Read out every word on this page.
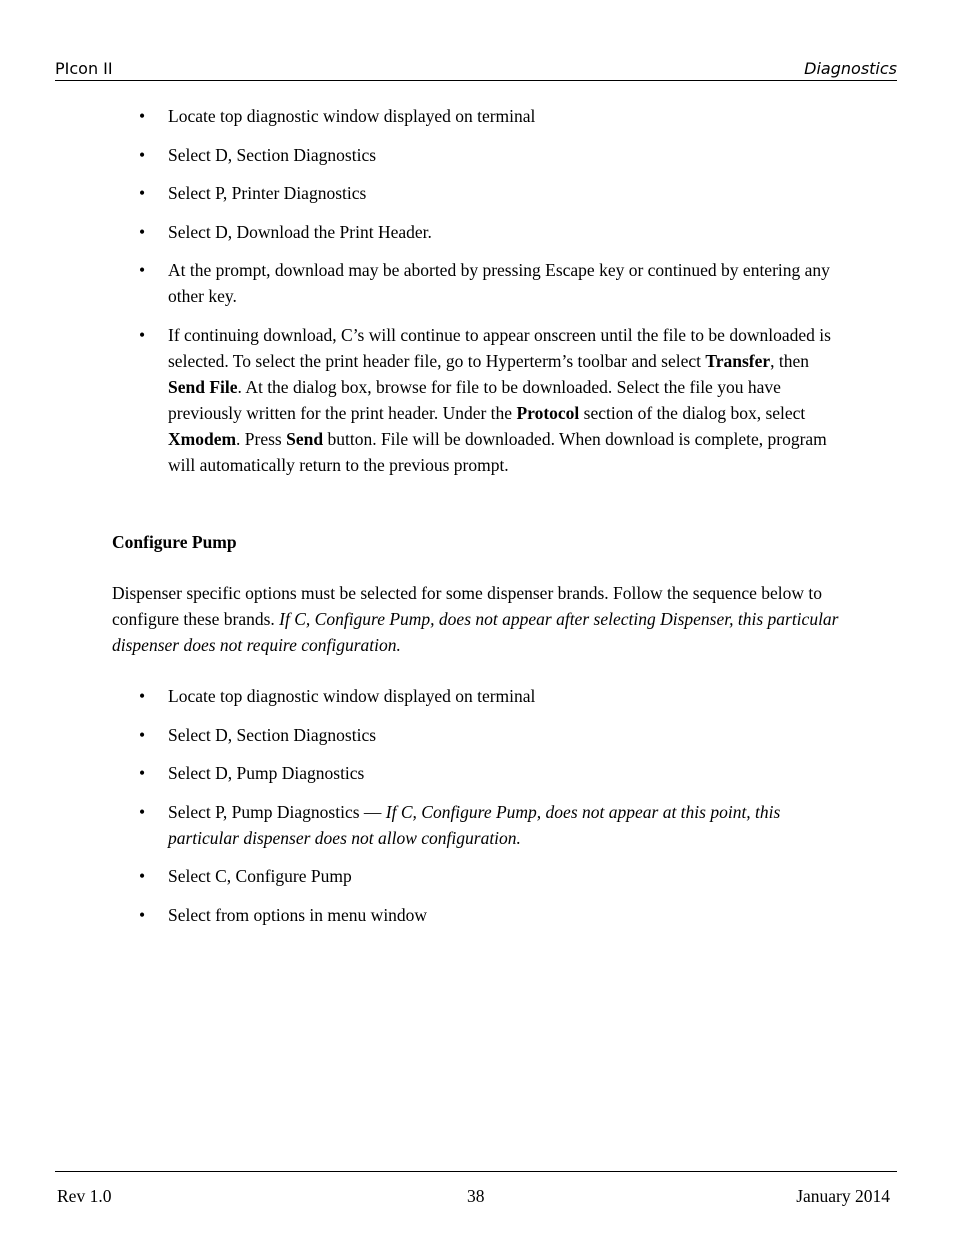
PIcon II	Diagnostics
• Locate top diagnostic window displayed on terminal
• Select D, Section Diagnostics
• Select P, Printer Diagnostics
• Select D, Download the Print Header.
• At the prompt, download may be aborted by pressing Escape key or continued by entering any other key.
• If continuing download, C’s will continue to appear onscreen until the file to be downloaded is selected. To select the print header file, go to Hyperterm’s toolbar and select Transfer, then Send File. At the dialog box, browse for file to be downloaded. Select the file you have previously written for the print header. Under the Protocol section of the dialog box, select Xmodem. Press Send button. File will be downloaded. When download is complete, program will automatically return to the previous prompt.
Configure Pump
Dispenser specific options must be selected for some dispenser brands. Follow the sequence below to configure these brands. If C, Configure Pump, does not appear after selecting Dispenser, this particular dispenser does not require configuration.
• Locate top diagnostic window displayed on terminal
• Select D, Section Diagnostics
• Select D, Pump Diagnostics
• Select P, Pump Diagnostics — If C, Configure Pump, does not appear at this point, this particular dispenser does not allow configuration.
• Select C, Configure Pump
• Select from options in menu window
Rev 1.0	38	January 2014
